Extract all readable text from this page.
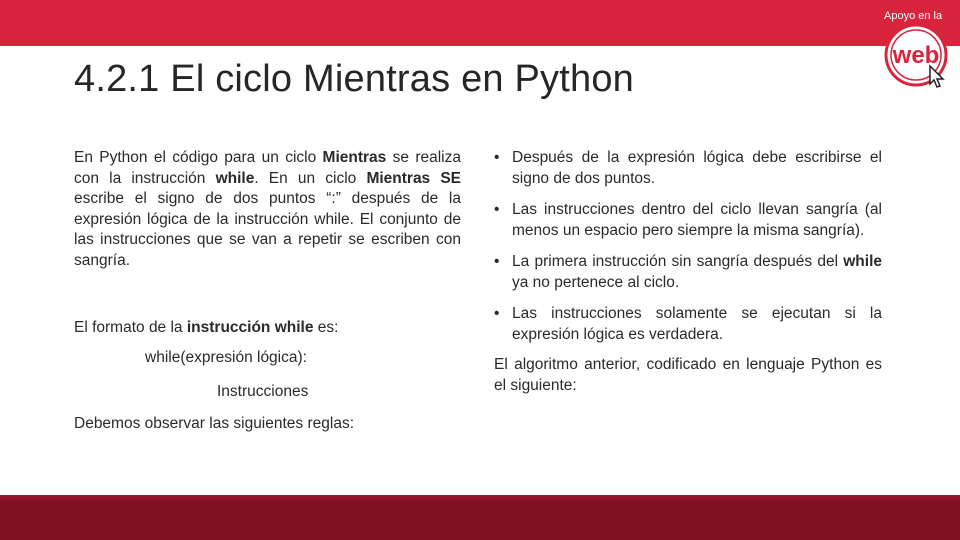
Apoyo en la
web
4.2.1 El ciclo Mientras en Python

En Python el código para un ciclo Mientras se realiza con la instrucción while. En un ciclo Mientras SE escribe el signo de dos puntos “:” después de la expresión lógica de la instrucción while. El conjunto de las instrucciones que se van a repetir se escriben con sangría.

El formato de la instrucción while es:
while(expresión lógica):
Instrucciones
Debemos observar las siguientes reglas:
• Después de la expresión lógica debe escribirse el signo de dos puntos.
• Las instrucciones dentro del ciclo llevan sangría (al menos un espacio pero siempre la misma sangría).
• La primera instrucción sin sangría después del while ya no pertenece al ciclo.
• Las instrucciones solamente se ejecutan si la expresión lógica es verdadera.
El algoritmo anterior, codificado en lenguaje Python es el siguiente:
